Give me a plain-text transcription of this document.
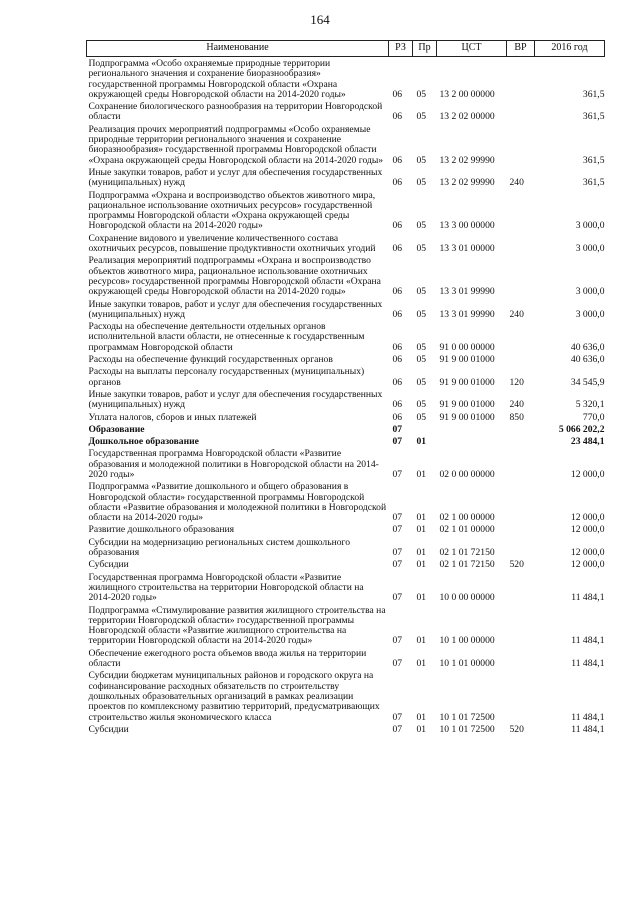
164
Наименование	РЗ	Пр	ЦСТ	ВР	2016 год
Подпрограмма «Особо охраняемые природные территории регионального значения и сохранение биоразнообразия» государственной программы Новгородской области «Охрана окружающей среды Новгородской области на 2014-2020 годы»	06	05	13 2 00 00000		361,5
Сохранение биологического разнообразия на территории Новгородской области	06	05	13 2 02 00000		361,5
Реализация прочих мероприятий подпрограммы «Особо охраняемые природные территории регионального значения и сохранение биоразнообразия» государственной программы Новгородской области «Охрана окружающей среды Новгородской области на 2014-2020 годы»	06	05	13 2 02 99990		361,5
Иные закупки товаров, работ и услуг для обеспечения государственных (муниципальных) нужд	06	05	13 2 02 99990	240	361,5
Подпрограмма «Охрана и воспроизводство объектов животного мира, рациональное использование охотничьих ресурсов» государственной программы Новгородской области «Охрана окружающей среды Новгородской области на 2014-2020 годы»	06	05	13 3 00 00000		3 000,0
Сохранение видового и увеличение количественного состава охотничьих ресурсов, повышение продуктивности охотничьих угодий	06	05	13 3 01 00000		3 000,0
Реализация мероприятий подпрограммы «Охрана и воспроизводство объектов животного мира, рациональное использование охотничьих ресурсов» государственной программы Новгородской области «Охрана окружающей среды Новгородской области на 2014-2020 годы»	06	05	13 3 01 99990		3 000,0
Иные закупки товаров, работ и услуг для обеспечения государственных (муниципальных) нужд	06	05	13 3 01 99990	240	3 000,0
Расходы на обеспечение деятельности отдельных органов исполнительной власти области, не отнесенные к государственным программам Новгородской области	06	05	91 0 00 00000		40 636,0
Расходы на обеспечение функций государственных органов	06	05	91 9 00 01000		40 636,0
Расходы на выплаты персоналу государственных (муниципальных) органов	06	05	91 9 00 01000	120	34 545,9
Иные закупки товаров, работ и услуг для обеспечения государственных (муниципальных) нужд	06	05	91 9 00 01000	240	5 320,1
Уплата налогов, сборов и иных платежей	06	05	91 9 00 01000	850	770,0
Образование	07				5 066 202,2
Дошкольное образование	07	01			23 484,1
Государственная программа Новгородской области «Развитие образования и молодежной политики в Новгородской области на 2014-2020 годы»	07	01	02 0 00 00000		12 000,0
Подпрограмма «Развитие дошкольного и общего образования в Новгородской области» государственной программы Новгородской области «Развитие образования и молодежной политики в Новгородской области на 2014-2020 годы»	07	01	02 1 00 00000		12 000,0
Развитие дошкольного образования	07	01	02 1 01 00000		12 000,0
Субсидии на модернизацию региональных систем дошкольного образования	07	01	02 1 01 72150		12 000,0
Субсидии	07	01	02 1 01 72150	520	12 000,0
Государственная программа Новгородской области «Развитие жилищного строительства на территории Новгородской области на 2014-2020 годы»	07	01	10 0 00 00000		11 484,1
Подпрограмма «Стимулирование развития жилищного строительства на территории Новгородской области» государственной программы Новгородской области «Развитие жилищного строительства на территории Новгородской области на 2014-2020 годы»	07	01	10 1 00 00000		11 484,1
Обеспечение ежегодного роста объемов ввода жилья на территории области	07	01	10 1 01 00000		11 484,1
Субсидии бюджетам муниципальных районов и городского округа на софинансирование расходных обязательств по строительству дошкольных образовательных организаций в рамках реализации проектов по комплексному развитию территорий, предусматривающих строительство жилья экономического класса	07	01	10 1 01 72500		11 484,1
Субсидии	07	01	10 1 01 72500	520	11 484,1
